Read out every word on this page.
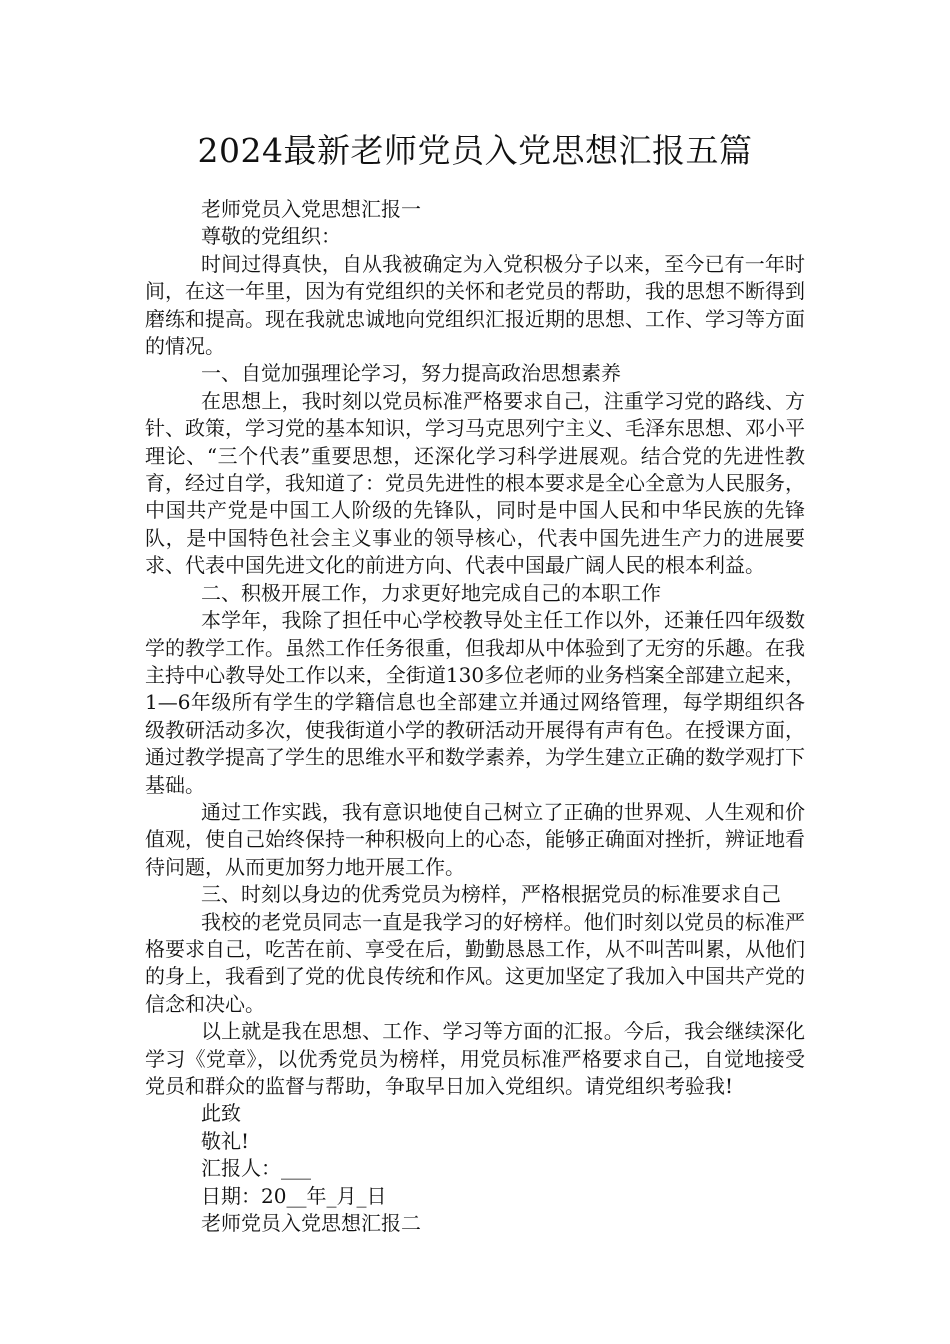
2024最新老师党员入党思想汇报五篇

老师党员入党思想汇报一

尊敬的党组织：

时间过得真快，自从我被确定为入党积极分子以来，至今已有一年时间，在这一年里，因为有党组织的关怀和老党员的帮助，我的思想不断得到磨练和提高。现在我就忠诚地向党组织汇报近期的思想、工作、学习等方面的情况。

一、自觉加强理论学习，努力提高政治思想素养

在思想上，我时刻以党员标准严格要求自己，注重学习党的路线、方针、政策，学习党的基本知识，学习马克思列宁主义、毛泽东思想、邓小平理论、“三个代表”重要思想，还深化学习科学进展观。结合党的先进性教育，经过自学，我知道了：党员先进性的根本要求是全心全意为人民服务，中国共产党是中国工人阶级的先锋队，同时是中国人民和中华民族的先锋队，是中国特色社会主义事业的领导核心，代表中国先进生产力的进展要求、代表中国先进文化的前进方向、代表中国最广阔人民的根本利益。

二、积极开展工作，力求更好地完成自己的本职工作

本学年，我除了担任中心学校教导处主任工作以外，还兼任四年级数学的教学工作。虽然工作任务很重，但我却从中体验到了无穷的乐趣。在我主持中心教导处工作以来，全街道130多位老师的业务档案全部建立起来，1—6年级所有学生的学籍信息也全部建立并通过网络管理，每学期组织各级教研活动多次，使我街道小学的教研活动开展得有声有色。在授课方面，通过教学提高了学生的思维水平和数学素养，为学生建立正确的数学观打下基础。

通过工作实践，我有意识地使自己树立了正确的世界观、人生观和价值观，使自己始终保持一种积极向上的心态，能够正确面对挫折，辨证地看待问题，从而更加努力地开展工作。

三、时刻以身边的优秀党员为榜样，严格根据党员的标准要求自己

我校的老党员同志一直是我学习的好榜样。他们时刻以党员的标准严格要求自己，吃苦在前、享受在后，勤勤恳恳工作，从不叫苦叫累，从他们的身上，我看到了党的优良传统和作风。这更加坚定了我加入中国共产党的信念和决心。

以上就是我在思想、工作、学习等方面的汇报。今后，我会继续深化学习《党章》，以优秀党员为榜样，用党员标准严格要求自己，自觉地接受党员和群众的监督与帮助，争取早日加入党组织。请党组织考验我!

此致

敬礼!

汇报人：___

日期：20__年_月_日

老师党员入党思想汇报二
